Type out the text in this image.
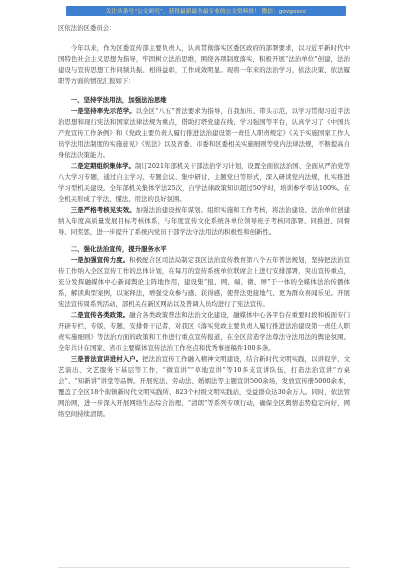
关注头条号“公文研究”，获得最新最全最专业的公文资料推！ 微信：govgovcc
区依法治区委员会：
今年以来，作为区委宣传部主要负责人，认真贯彻落实区委区政府的部署要求，以习近平新时代中国特色社会主义思想为指导，牢固树立法治思维，围绕各项制度落实，积极开展“法治单位”创建，法治建设与宣传思想工作同频共振、相得益彰，工作成效明显。现将一年来的法治学习、依法决策、依法履职等方面的情况汇报如下：
一、坚持学法用法，加强法治思维
一是坚持率先示范学。以全区“八五”普法要求为指导，自我加压、带头示范，以学习贯彻习近平法治思想和现行宪法和国家法律法规为重点，借助打塔党建在线、学习强国等平台，认真学习了《中国共产党宣传工作条例》和《党政主要负责人履行推进法治建设第一责任人职责规定》《关于实施国家工作人员学法用法制度的实施意见》《宪法》以及省委、市委和区委相关实施细则等党内法律法规，不断提高自身依法决策能力。
二是定期组织集体学。制订2021年部机关干部法治学习计划，设置全面依法治国、全面从严治党等八大学习专题，通过自主学习、专题会议、集中研讨、主题党日等形式，深入研读党内法规，扎实推进学习型机关建设。全年部机关集体学法25次，自学法律政策知识超过50学时，培训参学率达100%。在全机关形成了学法、懂法、用法的良好氛围。
三是严格考核见实效。加强法治建设按年谋划、组织实施和工作考核，将法治建设、法治单位创建纳入年度高质量发展目标考核体系，与年度宣传文化系统各单位领导班子考核同部署、同推进、同督导、同奖惩，进一步提升了系统内党员干部学法守法用法的积极性和创新性。
二、强化法治宣传，提升服务水平
一是加强宣传力度。积极配合区司法局制定我区法治宣传教育第八个五年普法规划，坚持把法治宣传工作纳入全区宣传工作的总体计划，在每月的宣传系统单位联席会上进行安排部署，突出宣传重点，充分发挥融媒体中心新闻舆论主阵地作用，建设集“报、网、端、微、屏”于一体的全媒体法治传播体系，解读典型案例，以案释法，增强受众参与感、获得感，使普法更接地气、更为群众喜闻乐见。开展宪法宣传周系列活动，部机关在新区网站以及普调人员均进行了宪法宣传。
二是宣传各类政策。融合各类政策普法和法治文化建设，融媒体中心各平台在重要时段和板面专门开辟专栏、专版、专题，安排骨干记者，对我区《落实党政主要负责人履行推进法治建设第一责任人职责实施细则》等法治方面的政策和工作进行重点宣传报道，在全区营造学法尊法守法用法的舆论氛围。全年共计在国家、省市主要媒体宣传法治工作亮点和优秀事迹稿件100多条。
三是普法宣讲进村入户。把法治宣传工作融入精神文明建设，结合新时代文明实践，以讲促学、文艺演出、文艺服务下基层等工作，“微宣讲”“草地宣讲”等10多支宣讲队伍，打造法治宣讲“方桌会”、“知新讲”讲堂等品牌。开展宪法、劳动法、婚姻法等主题宣讲500余场，发放宣传册5000余本，覆盖了全区18个街镇新时代文明实践所、823个村级文明实践站，受益群众达30余万人。同时，依法管网治网，进一步深入开展网络生态综合治理、“清朗”等系列专项行动，确保全区舆情态势稳定向好，网络空间持续清朗。
